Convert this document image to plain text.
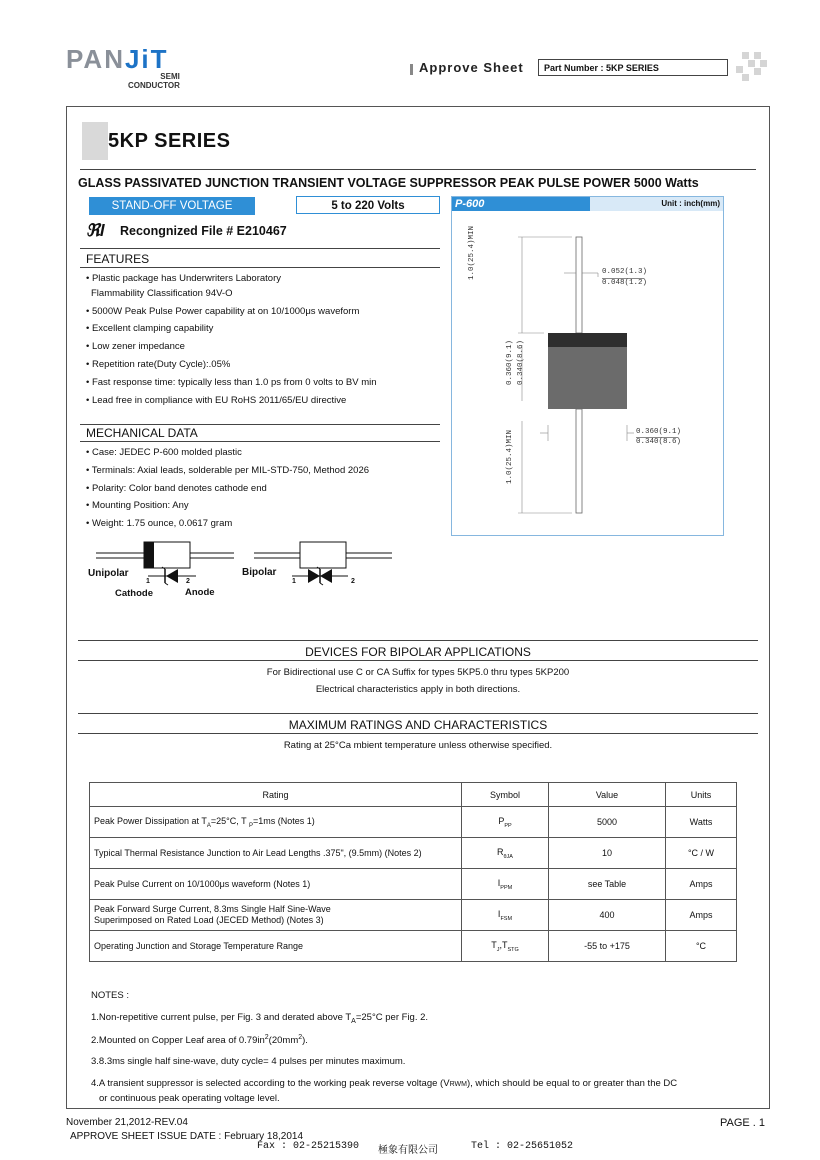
PANJiT
SEMI
CONDUCTOR
Approve Sheet	Part Number : 5KP SERIES
5KP SERIES
GLASS PASSIVATED JUNCTION TRANSIENT VOLTAGE SUPPRESSOR PEAK PULSE POWER 5000 Watts
STAND-OFF VOLTAGE	5 to 220 Volts
ℜl Recongnized File # E210467
FEATURES
• Plastic package has Underwriters Laboratory
Flammability Classification 94V-O
• 5000W Peak Pulse Power capability at on 10/1000μs waveform
• Excellent clamping capability
• Low zener impedance
• Repetition rate(Duty Cycle):.05%
• Fast response time: typically less than 1.0 ps from 0 volts to BV min
• Lead free in compliance with EU RoHS 2011/65/EU directive
MECHANICAL DATA
• Case: JEDEC P-600 molded plastic
• Terminals: Axial leads, solderable per MIL-STD-750, Method 2026
• Polarity: Color band denotes cathode end
• Mounting Position: Any
• Weight: 1.75 ounce, 0.0617 gram
Unipolar	Bipolar
1	2	1	2
Cathode	Anode
P-600	Unit : inch(mm)
0.052(1.3)
0.048(1.2)
0.360(9.1)
0.340(8.6)
1.0(25.4)MIN
0.360(9.1) 0.340(8.6)
1.0(25.4)MIN
DEVICES FOR BIPOLAR APPLICATIONS
For Bidirectional use C or CA Suffix for types 5KP5.0 thru types 5KP200
Electrical characteristics apply in both directions.
MAXIMUM RATINGS AND CHARACTERISTICS
Rating at 25°Ca mbient temperature unless otherwise specified.
Rating	Symbol	Value	Units
Peak Power Dissipation at $T_A=25^\circ C$, T $_P$=1ms (Notes 1)	$P_{PP}$	5000	Watts
Typical Thermal Resistance Junction to Air Lead Lengths .375", (9.5mm) (Notes 2)	$R_{\theta JA}$	10	°C / W
Peak Pulse Current on 10/1000μs waveform (Notes 1)	$I_{PPM}$	see Table	Amps

Peak Forward Surge Current, 8.3ms Single Half Sine-Wave
Superimposed on Rated Load (JECED Method) (Notes 3)	$I_{FSM}$	400	Amps
Operating Junction and Storage Temperature Range	$T_J,T_{STG}$	-55 to +175	°C
NOTES :
1.Non-repetitive current pulse, per Fig. 3 and derated above $T_A=25^\circ C$ per Fig. 2.
2.Mounted on Copper Leaf area of $0.79in^2(20mm^2)$.
3.8.3ms single half sine-wave, duty cycle= 4 pulses per minutes maximum.
4.A transient suppressor is selected according to the working peak reverse voltage (VRWM), which should be equal to or greater than the DC
or continuous peak operating voltage level.
November 21,2012-REV.04
APPROVE SHEET ISSUE DATE : February 18,2014
PAGE . 1
Fax : 02-25215390 極象有限公司	Tel : 02-25651052
